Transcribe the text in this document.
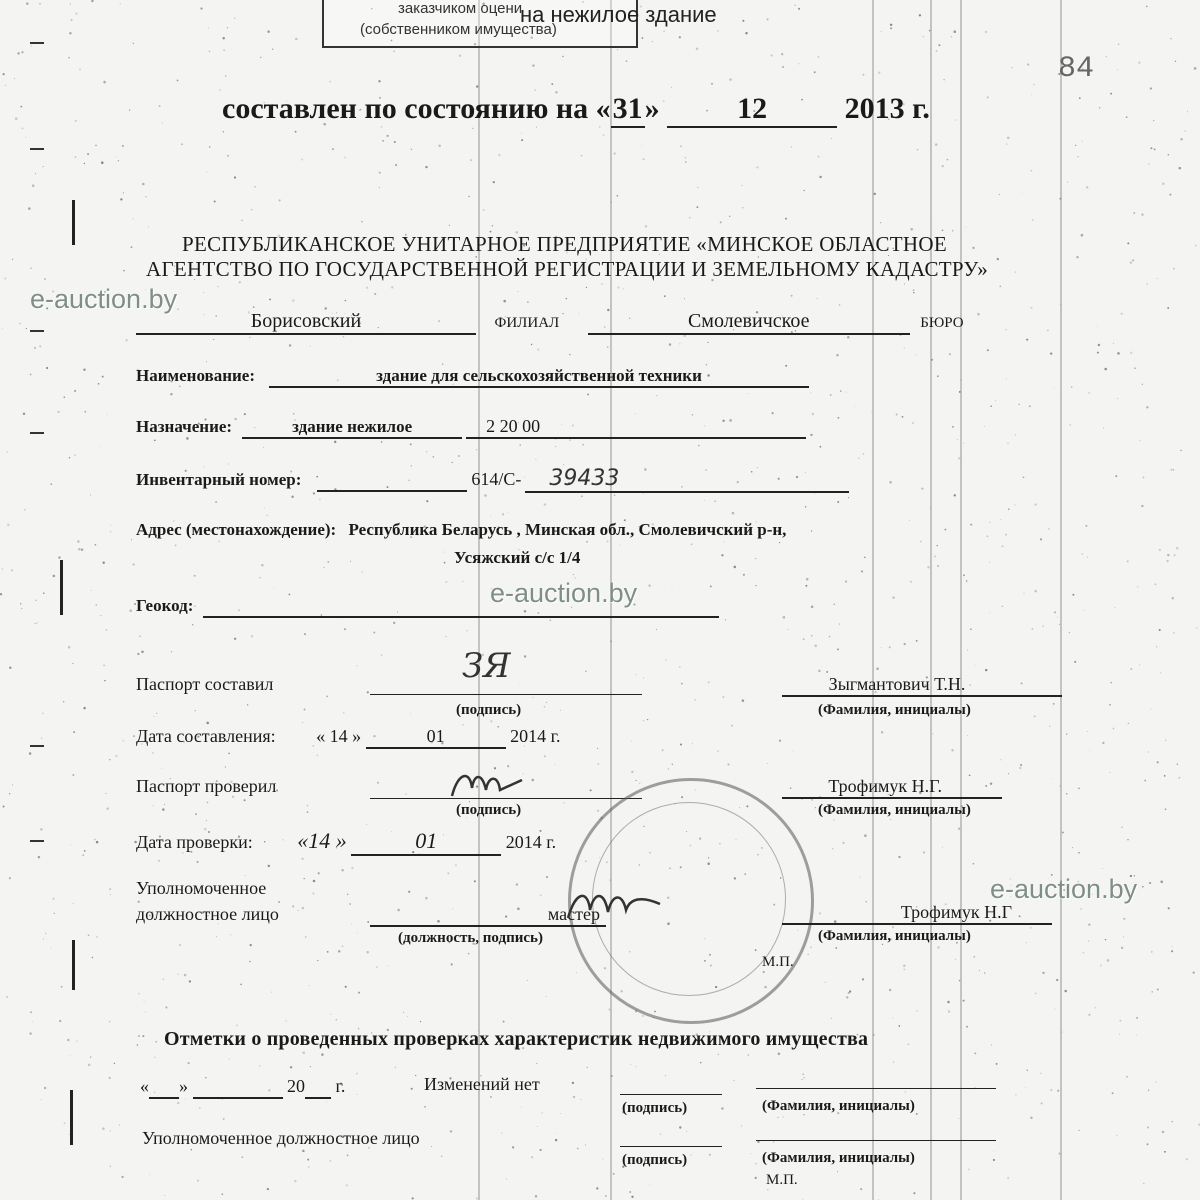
заказчиком оцени
(собственником имущества)
на нежилое здание
84
составлен по состоянию на «31»	12	2013 г.
РЕСПУБЛИКАНСКОЕ УНИТАРНОЕ ПРЕДПРИЯТИЕ «МИНСКОЕ ОБЛАСТНОЕ
АГЕНТСТВО ПО ГОСУДАРСТВЕННОЙ РЕГИСТРАЦИИ И ЗЕМЕЛЬНОМУ КАДАСТРУ»
Борисовский	ФИЛИАЛ	Смолевичское	БЮРО
Наименование:	здание для сельскохозяйственной техники
Назначение:	здание нежилое	2 20 00
Инвентарный номер:	614/С- 39433
Адрес (местонахождение): Республика Беларусь , Минская обл., Смолевичский р-н,
Усяжский с/с 1/4
Геокод:
Паспорт составил	ЗЯ
(подпись)
Зыгмантович Т.Н.
(Фамилия, инициалы)
Дата составления: « 14 »	01	2014 г.
Паспорт проверил
(подпись)
Трофимук Н.Г.
(Фамилия, инициалы)
Дата проверки: «14 »	01	2014 г.
Уполномоченное
должностное лицо	мастер
(должность, подпись)
Трофимук Н.Г
(Фамилия, инициалы)
М.П.
Отметки о проведенных проверках характеристик недвижимого имущества
« »	20 г.	Изменений нет
(подпись)	(Фамилия, инициалы)
Уполномоченное должностное лицо
(подпись)	(Фамилия, инициалы)
М.П.
e-auction.by
e-auction.by
e-auction.by
